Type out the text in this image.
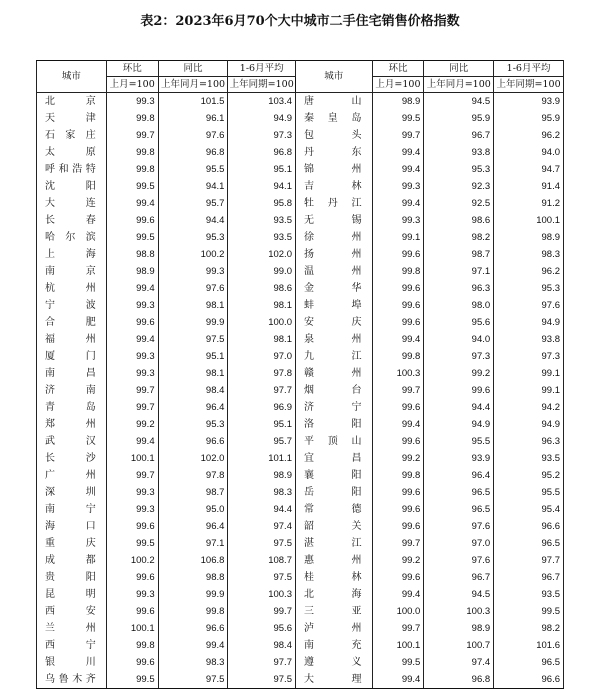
表2：2023年6月70个大中城市二手住宅销售价格指数
城市	环比	同比	1-6月平均	城市	环比	同比	1-6月平均
	上月=100	上年同月=100	上年同期=100		上月=100	上年同月=100	上年同期=100
北京	99.3	101.5	103.4	唐山	98.9	94.5	93.9
天津	99.8	96.1	94.9	秦皇岛	99.5	95.9	95.9
石家庄	99.7	97.6	97.3	包头	99.7	96.7	96.2
太原	99.8	96.8	96.8	丹东	99.4	93.8	94.0
呼和浩特	99.8	95.5	95.1	锦州	99.4	95.3	94.7
沈阳	99.5	94.1	94.1	吉林	99.3	92.3	91.4
大连	99.4	95.7	95.8	牡丹江	99.4	92.5	91.2
长春	99.6	94.4	93.5	无锡	99.3	98.6	100.1
哈尔滨	99.5	95.3	93.5	徐州	99.1	98.2	98.9
上海	98.8	100.2	102.0	扬州	99.6	98.7	98.3
南京	98.9	99.3	99.0	温州	99.8	97.1	96.2
杭州	99.4	97.6	98.6	金华	99.6	96.3	95.3
宁波	99.3	98.1	98.1	蚌埠	99.6	98.0	97.6
合肥	99.6	99.9	100.0	安庆	99.6	95.6	94.9
福州	99.4	97.5	98.1	泉州	99.4	94.0	93.8
厦门	99.3	95.1	97.0	九江	99.8	97.3	97.3
南昌	99.3	98.1	97.8	赣州	100.3	99.2	99.1
济南	99.7	98.4	97.7	烟台	99.7	99.6	99.1
青岛	99.7	96.4	96.9	济宁	99.6	94.4	94.2
郑州	99.2	95.3	95.1	洛阳	99.4	94.9	94.9
武汉	99.4	96.6	95.7	平顶山	99.6	95.5	96.3
长沙	100.1	102.0	101.1	宜昌	99.2	93.9	93.5
广州	99.7	97.8	98.9	襄阳	99.8	96.4	95.2
深圳	99.3	98.7	98.3	岳阳	99.6	96.5	95.5
南宁	99.3	95.0	94.4	常德	99.6	96.5	95.4
海口	99.6	96.4	97.4	韶关	99.6	97.6	96.6
重庆	99.5	97.1	97.5	湛江	99.7	97.0	96.5
成都	100.2	106.8	108.7	惠州	99.2	97.6	97.7
贵阳	99.6	98.8	97.5	桂林	99.6	96.7	96.7
昆明	99.3	99.9	100.3	北海	99.4	94.5	93.5
西安	99.6	99.8	99.7	三亚	100.0	100.3	99.5
兰州	100.1	96.6	95.6	泸州	99.7	98.9	98.2
西宁	99.8	99.4	98.4	南充	100.1	100.7	101.6
银川	99.6	98.3	97.7	遵义	99.5	97.4	96.5
乌鲁木齐	99.5	97.5	97.5	大理	99.4	96.8	96.6
